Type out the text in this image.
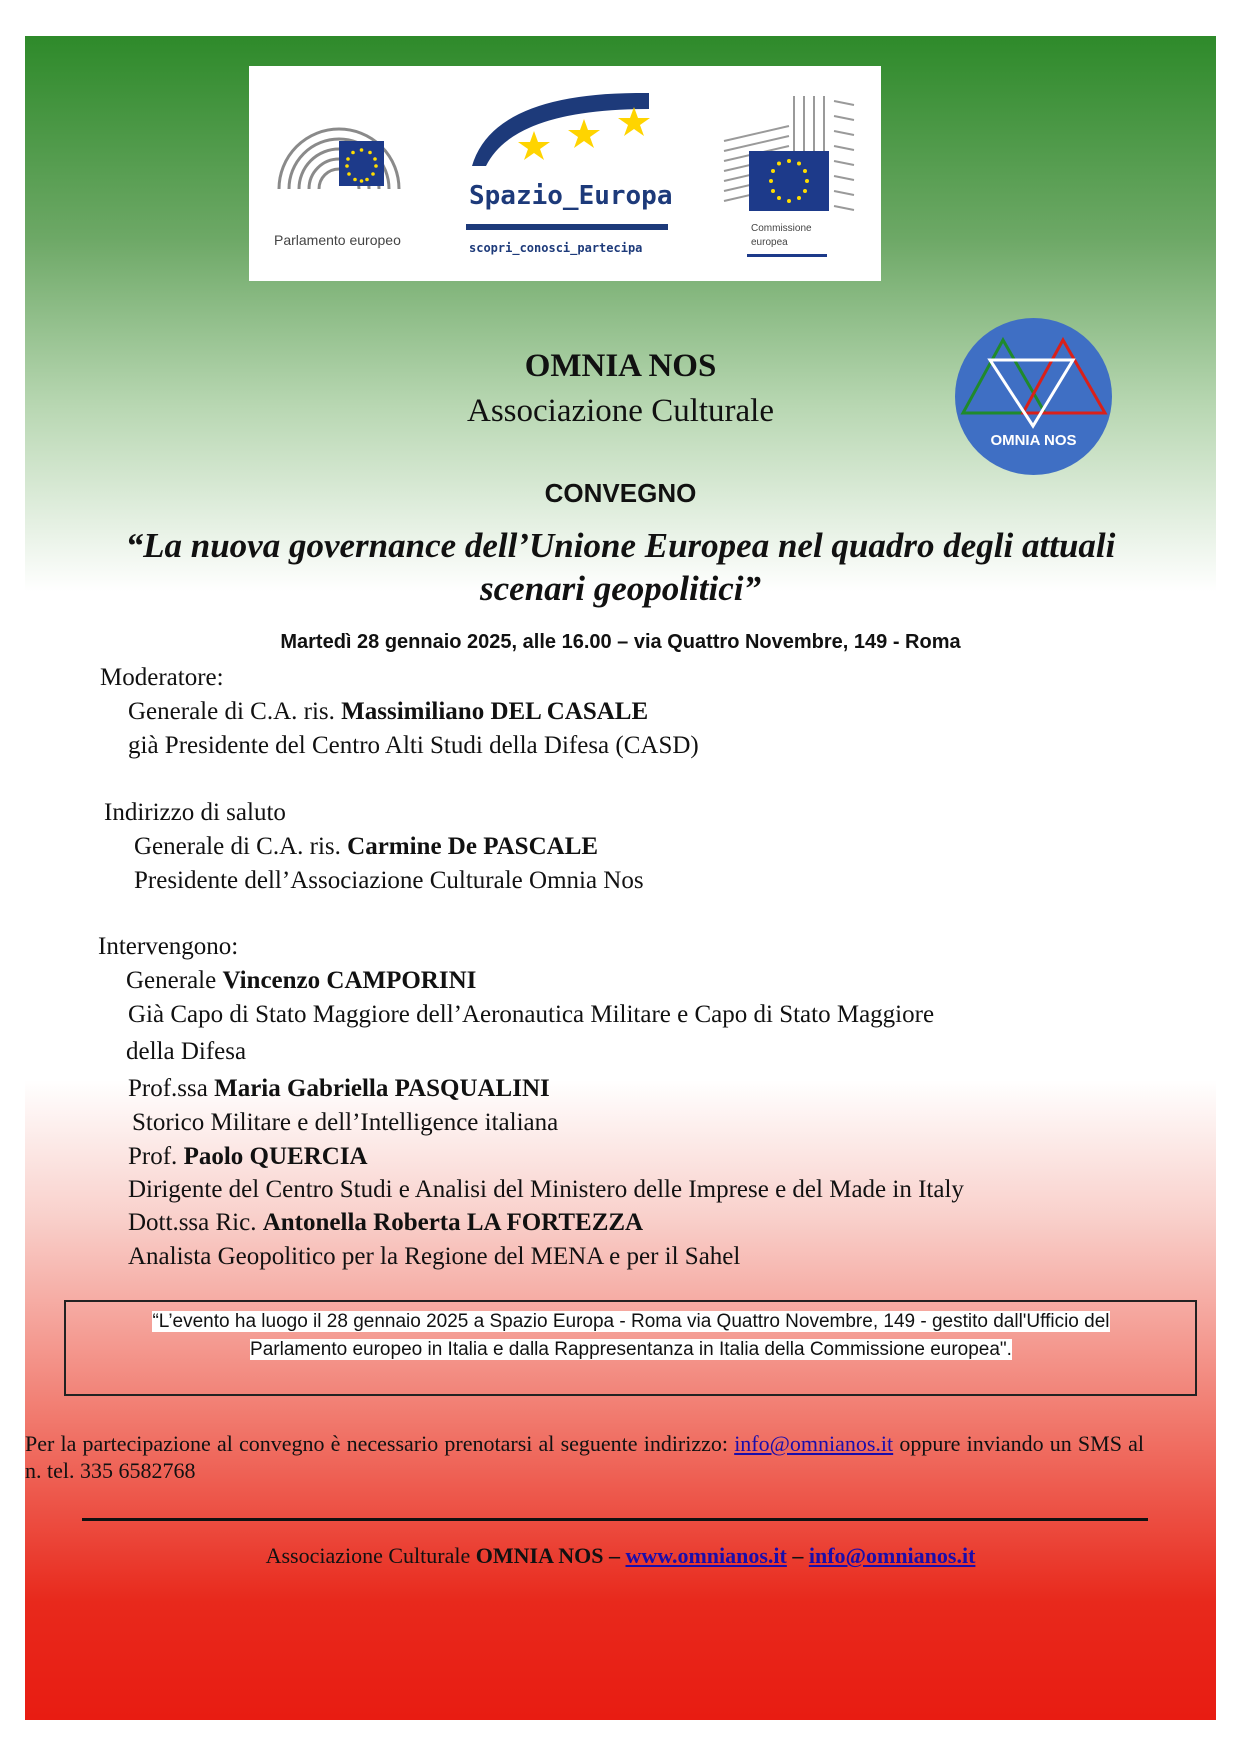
Parlamento europeo
Spazio_Europa
scopri_conosci_partecipa
Commissione
europea
OMNIA NOS
Associazione Culturale
OMNIA NOS
CONVEGNO
“La nuova governance dell’Unione Europea nel quadro degli attuali
scenari geopolitici”
Martedì 28 gennaio 2025, alle 16.00 – via Quattro Novembre, 149 - Roma
Moderatore:
Generale di C.A. ris. Massimiliano DEL CASALE
già Presidente del Centro Alti Studi della Difesa (CASD)
Indirizzo di saluto
Generale di C.A. ris. Carmine De PASCALE
Presidente dell’Associazione Culturale Omnia Nos
Intervengono:
Generale Vincenzo CAMPORINI
Già Capo di Stato Maggiore dell’Aeronautica Militare e Capo di Stato Maggiore
della Difesa
Prof.ssa Maria Gabriella PASQUALINI
Storico Militare e dell’Intelligence italiana
Prof. Paolo QUERCIA
Dirigente del Centro Studi e Analisi del Ministero delle Imprese e del Made in Italy
Dott.ssa Ric. Antonella Roberta LA FORTEZZA
Analista Geopolitico per la Regione del MENA e per il Sahel
“L’evento ha luogo il 28 gennaio 2025 a Spazio Europa - Roma via Quattro Novembre, 149 - gestito dall'Ufficio del
Parlamento europeo in Italia e dalla Rappresentanza in Italia della Commissione europea".
Per la partecipazione al convegno è necessario prenotarsi al seguente indirizzo: info@omnianos.it oppure inviando un SMS al n. tel. 335 6582768
Associazione Culturale OMNIA NOS – www.omnianos.it – info@omnianos.it
